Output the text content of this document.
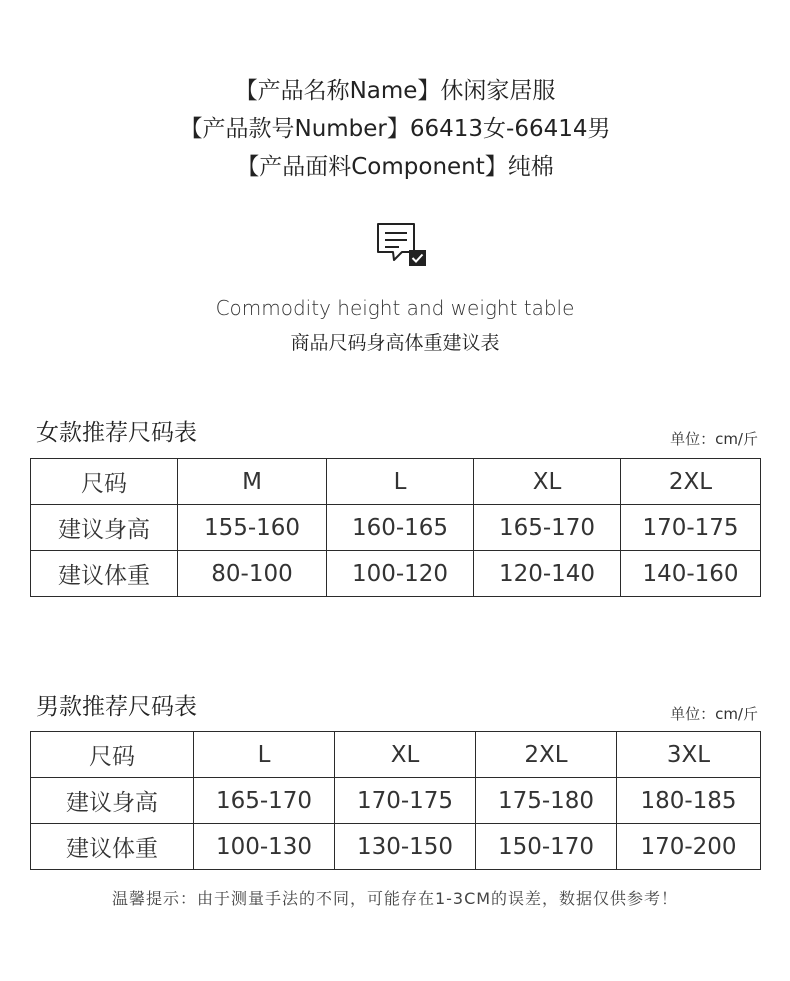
【产品名称Name】休闲家居服
【产品款号Number】66413女-66414男
【产品面料Component】纯棉
Commodity height and weight table
商品尺码身高体重建议表
女款推荐尺码表	单位：cm/斤
尺码	M	L	XL	2XL
建议身高	155-160	160-165	165-170	170-175
建议体重	80-100	100-120	120-140	140-160
男款推荐尺码表	单位：cm/斤
尺码	L	XL	2XL	3XL
建议身高	165-170	170-175	175-180	180-185
建议体重	100-130	130-150	150-170	170-200
温馨提示：由于测量手法的不同，可能存在1-3CM的误差，数据仅供参考！
